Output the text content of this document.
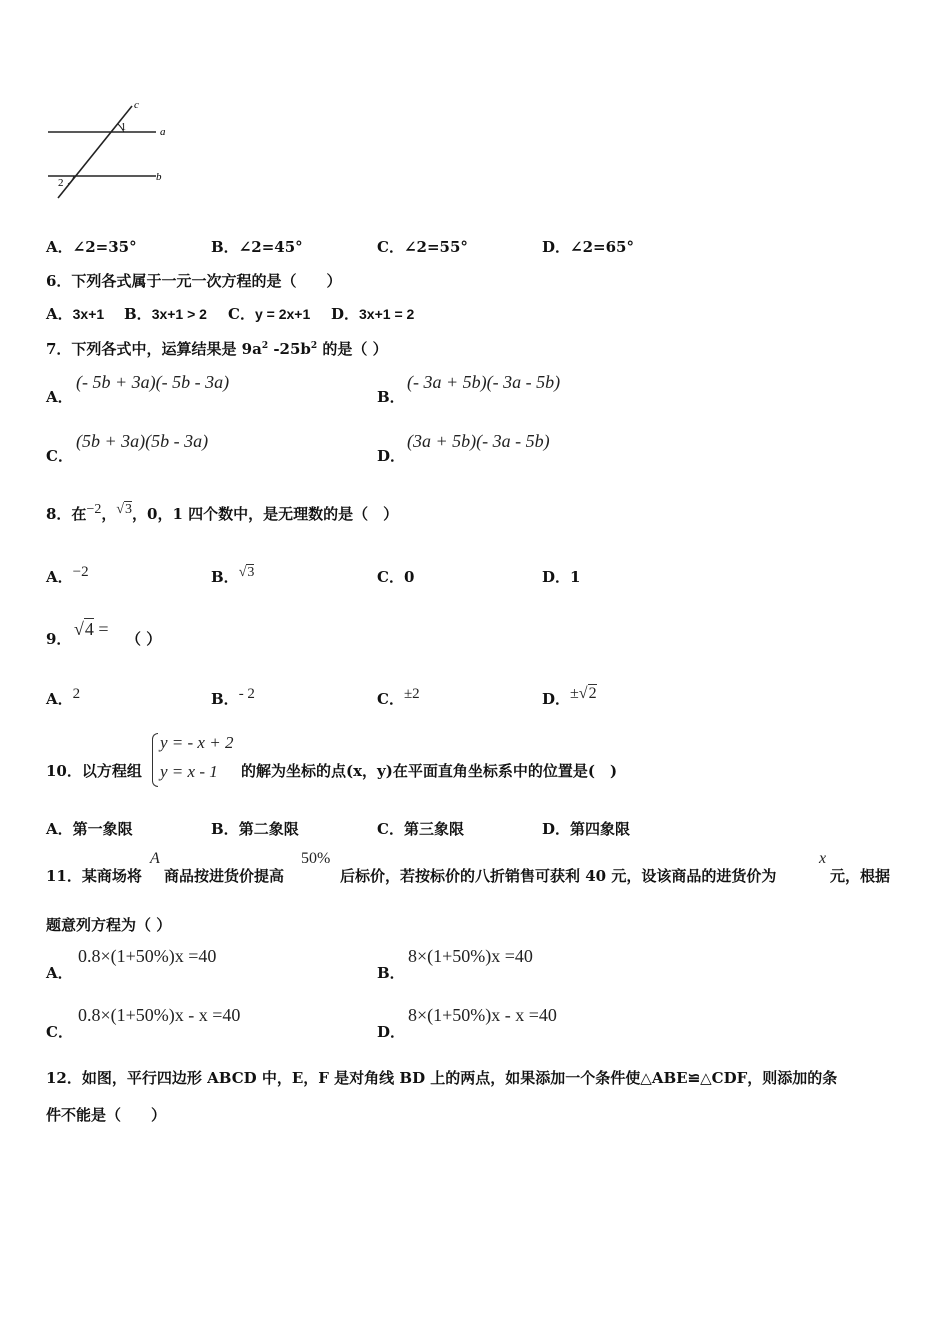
c
a
b
1
2
A．∠2=35°	B．∠2=45°	C．∠2=55°	D．∠2=65°
6．下列各式属于一元一次方程的是（　　）
A．3x+1 B．3x+1 > 2 C．y = 2x+1 D．3x+1 = 2
7．下列各式中，运算结果是 $9a^2$ $-25b^2$ 的是（ ）
A．
(- 5b + 3a)(- 5b - 3a)
B．
(- 3a + 5b)(- 3a - 5b)
C．
(5b + 3a)(5b - 3a)
D．
(3a + 5b)(- 3a - 5b)
8．在−2，√3，0，1 四个数中，是无理数的是（　）
A．−2	B．√3	C．0	D．1
9． √4 = （ ）
A．2	B．- 2	C．±2	D．±√2
10．以方程组
y = - x + 2
y = x - 1 的解为坐标的点(x，y)在平面直角坐标系中的位置是(　)
A．第一象限	B．第二象限	C．第三象限	D．第四象限
11．某商场将
A
商品按进货价提高
50%
后标价，若按标价的八折销售可获利 40 元，设该商品的进货价为
x
元，根据
题意列方程为（ ）
A．
0.8×(1+50%)x =40
B．
8×(1+50%)x =40
C．
0.8×(1+50%)x - x =40
D．
8×(1+50%)x - x =40
12．如图，平行四边形 ABCD 中，E，F 是对角线 BD 上的两点，如果添加一个条件使△ABE≌△CDF，则添加的条
件不能是（　　）
